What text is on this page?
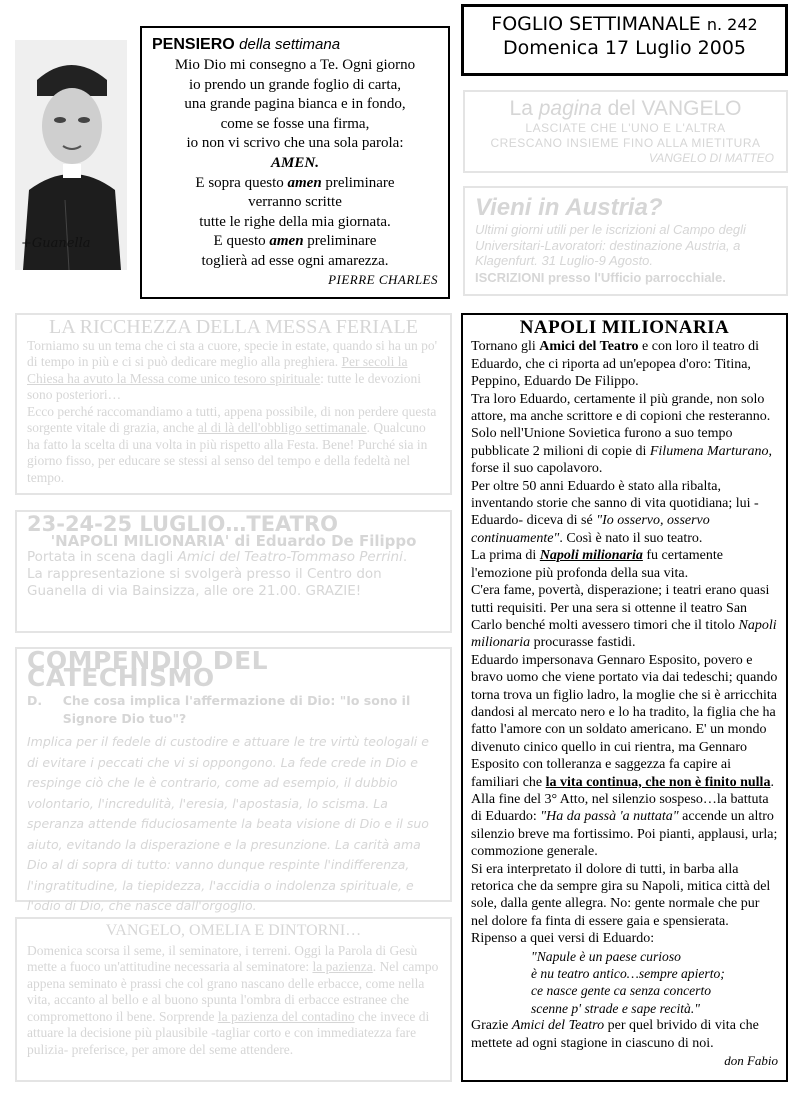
+Guanella
PENSIERO della settimana
Mio Dio mi consegno a Te. Ogni giorno
io prendo un grande foglio di carta,
una grande pagina bianca e in fondo,
come se fosse una firma,
io non vi scrivo che una sola parola:
AMEN.
E sopra questo amen preliminare
verranno scritte
tutte le righe della mia giornata.
E questo amen preliminare
toglierà ad esse ogni amarezza.
PIERRE CHARLES
FOGLIO SETTIMANALE n. 242
Domenica 17 Luglio 2005
La pagina del VANGELO
LASCIATE CHE L'UNO E L'ALTRA
CRESCANO INSIEME FINO ALLA MIETITURA
VANGELO DI MATTEO
Vieni in Austria?
Ultimi giorni utili per le iscrizioni al Campo degli Universitari-Lavoratori: destinazione Austria, a Klagenfurt. 31 Luglio-9 Agosto.
ISCRIZIONI presso l'Ufficio parrocchiale.
LA RICCHEZZA DELLA MESSA FERIALE

Torniamo su un tema che ci sta a cuore, specie in estate, quando si ha un po' di tempo in più e ci si può dedicare meglio alla preghiera. Per secoli la Chiesa ha avuto la Messa come unico tesoro spirituale: tutte le devozioni sono posteriori…
Ecco perché raccomandiamo a tutti, appena possibile, di non perdere questa sorgente vitale di grazia, anche al di là dell'obbligo settimanale. Qualcuno ha fatto la scelta di una volta in più rispetto alla Festa. Bene! Purché sia in giorno fisso, per educare se stessi al senso del tempo e della fedeltà nel tempo.

23-24-25 LUGLIO…TEATRO
'NAPOLI MILIONARIA' di Eduardo De Filippo
Portata in scena dagli Amici del Teatro-Tommaso Perrini.
La rappresentazione si svolgerà presso il Centro don Guanella di via Bainsizza, alle ore 21.00. GRAZIE!
COMPENDIO DEL CATECHISMO
D.	Che cosa implica l'affermazione di Dio: "Io sono il Signore Dio tuo"?
Implica per il fedele di custodire e attuare le tre virtù teologali e di evitare i peccati che vi si oppongono. La fede crede in Dio e respinge ciò che le è contrario, come ad esempio, il dubbio volontario, l'incredulità, l'eresia, l'apostasia, lo scisma. La speranza attende fiduciosamente la beata visione di Dio e il suo aiuto, evitando la disperazione e la presunzione. La carità ama Dio al di sopra di tutto: vanno dunque respinte l'indifferenza, l'ingratitudine, la tiepidezza, l'accidia o indolenza spirituale, e l'odio di Dio, che nasce dall'orgoglio.
VANGELO, OMELIA E DINTORNI…

Domenica scorsa il seme, il seminatore, i terreni. Oggi la Parola di Gesù mette a fuoco un'attitudine necessaria al seminatore: la pazienza. Nel campo appena seminato è prassi che col grano nascano delle erbacce, come nella vita, accanto al bello e al buono spunta l'ombra di erbacce estranee che compromettono il bene. Sorprende la pazienza del contadino che invece di attuare la decisione più plausibile -tagliar corto e con immediatezza fare pulizia- preferisce, per amore del seme attendere.

NAPOLI MILIONARIA

Tornano gli Amici del Teatro e con loro il teatro di Eduardo, che ci riporta ad un'epopea d'oro: Titina, Peppino, Eduardo De Filippo.

Tra loro Eduardo, certamente il più grande, non solo attore, ma anche scrittore e di copioni che resteranno. Solo nell'Unione Sovietica furono a suo tempo pubblicate 2 milioni di copie di Filumena Marturano, forse il suo capolavoro.

Per oltre 50 anni Eduardo è stato alla ribalta, inventando storie che sanno di vita quotidiana; lui -Eduardo- diceva di sé "Io osservo, osservo continuamente". Così è nato il suo teatro.

La prima di Napoli milionaria fu certamente l'emozione più profonda della sua vita.

C'era fame, povertà, disperazione; i teatri erano quasi tutti requisiti. Per una sera si ottenne il teatro San Carlo benché molti avessero timori che il titolo Napoli milionaria procurasse fastidi.

Eduardo impersonava Gennaro Esposito, povero e bravo uomo che viene portato via dai tedeschi; quando torna trova un figlio ladro, la moglie che si è arricchita dandosi al mercato nero e lo ha tradito, la figlia che ha fatto l'amore con un soldato americano. E' un mondo divenuto cinico quello in cui rientra, ma Gennaro Esposito con tolleranza e saggezza fa capire ai familiari che la vita continua, che non è finito nulla.

Alla fine del 3° Atto, nel silenzio sospeso…la battuta di Eduardo: "Ha da passà 'a nuttata" accende un altro silenzio breve ma fortissimo. Poi pianti, applausi, urla; commozione generale.

Si era interpretato il dolore di tutti, in barba alla retorica che da sempre gira su Napoli, mitica città del sole, dalla gente allegra. No: gente normale che pur nel dolore fa finta di essere gaia e spensierata. Ripenso a quei versi di Eduardo:

"Napule è un paese curioso
è nu teatro antico…sempre apierto;
ce nasce gente ca senza concerto
scenne p' strade e sape recità."

Grazie Amici del Teatro per quel brivido di vita che mettete ad ogni stagione in ciascuno di noi.

don Fabio
